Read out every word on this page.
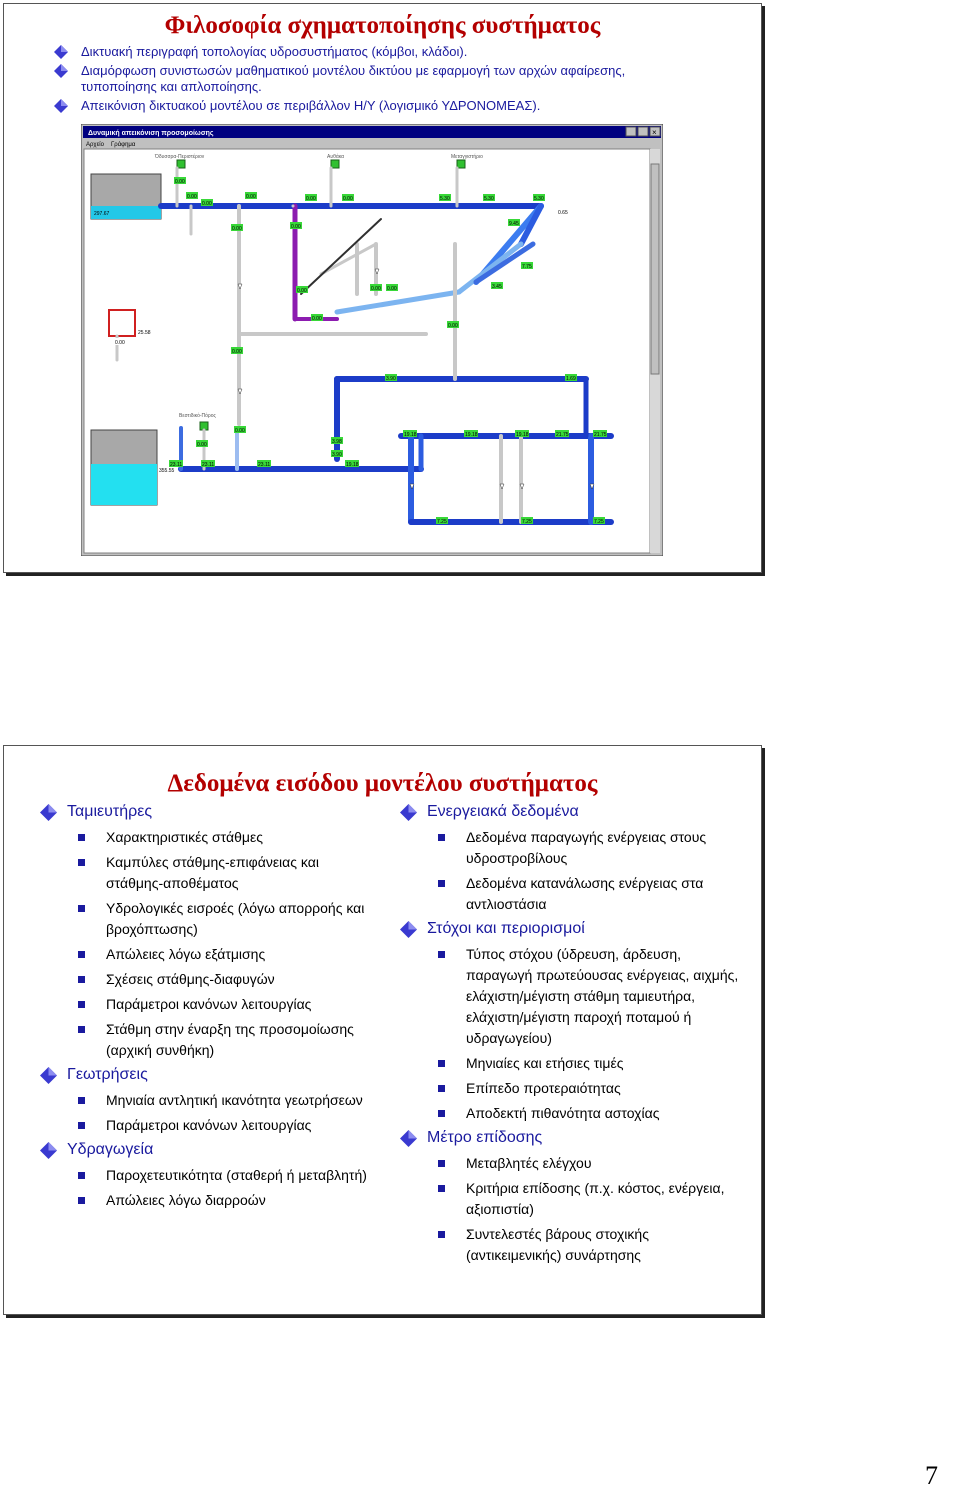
Φιλοσοφία σχηματοποίησης συστήματος
Δικτυακή περιγραφή τοπολογίας υδροσυστήματος (κόμβοι, κλάδοι).
Διαμόρφωση συνιστωσών μαθηματικού μοντέλου δικτύου με εφαρμογή των αρχών αφαίρεσης, τυποποίησης και απλοποίησης.
Απεικόνιση δικτυακού μοντέλου σε περιβάλλον Η/Υ (λογισμικό ΥΔΡΟΝΟΜΕΑΣ).
Δυναμική απεικόνιση προσομοίωσης	×
Αρχείο Γράφημα
Όδυσσρα-Περιστέριον	Αυθάκα	Μεταγγιστήριο
Βεστιδικό-Πόρος
297.67
25.58
355.55
0.00
0.00
0.00
0.00
0.00
0.00	0.00
0.00
5.30	5.30	5.30
0.65
9.45
7.75
3.45
0.00 0.00
0.00
0.00
0.00
0.00
0.00
3.90
3.98
1.69
0.00
0.00
3.90
19.18	19.18	19.18	21.75	21.75
19.18
23.11	23.11	23.11
7.25	7.25	7.25
Δεδομένα εισόδου μοντέλου συστήματος
Ταμιευτήρες
Χαρακτηριστικές στάθμες
Καμπύλες στάθμης-επιφάνειας και στάθμης-αποθέματος
Υδρολογικές εισροές (λόγω απορροής και βροχόπτωσης)
Απώλειες λόγω εξάτμισης
Σχέσεις στάθμης-διαφυγών
Παράμετροι κανόνων λειτουργίας
Στάθμη στην έναρξη της προσομοίωσης (αρχική συνθήκη)
Γεωτρήσεις
Μηνιαία αντλητική ικανότητα γεωτρήσεων
Παράμετροι κανόνων λειτουργίας
Υδραγωγεία
Παροχετευτικότητα (σταθερή ή μεταβλητή)
Απώλειες λόγω διαρροών
Ενεργειακά δεδομένα
Δεδομένα παραγωγής ενέργειας στους υδροστροβίλους
Δεδομένα κατανάλωσης ενέργειας στα αντλιοστάσια
Στόχοι και περιορισμοί
Τύπος στόχου (ύδρευση, άρδευση, παραγωγή πρωτεύουσας ενέργειας, αιχμής, ελάχιστη/μέγιστη στάθμη ταμιευτήρα, ελάχιστη/μέγιστη παροχή ποταμού ή υδραγωγείου)
Μηνιαίες και ετήσιες τιμές
Επίπεδο προτεραιότητας
Αποδεκτή πιθανότητα αστοχίας
Μέτρο επίδοσης
Μεταβλητές ελέγχου
Κριτήρια επίδοσης (π.χ. κόστος, ενέργεια, αξιοπιστία)
Συντελεστές βάρους στοχικής (αντικειμενικής) συνάρτησης
7
